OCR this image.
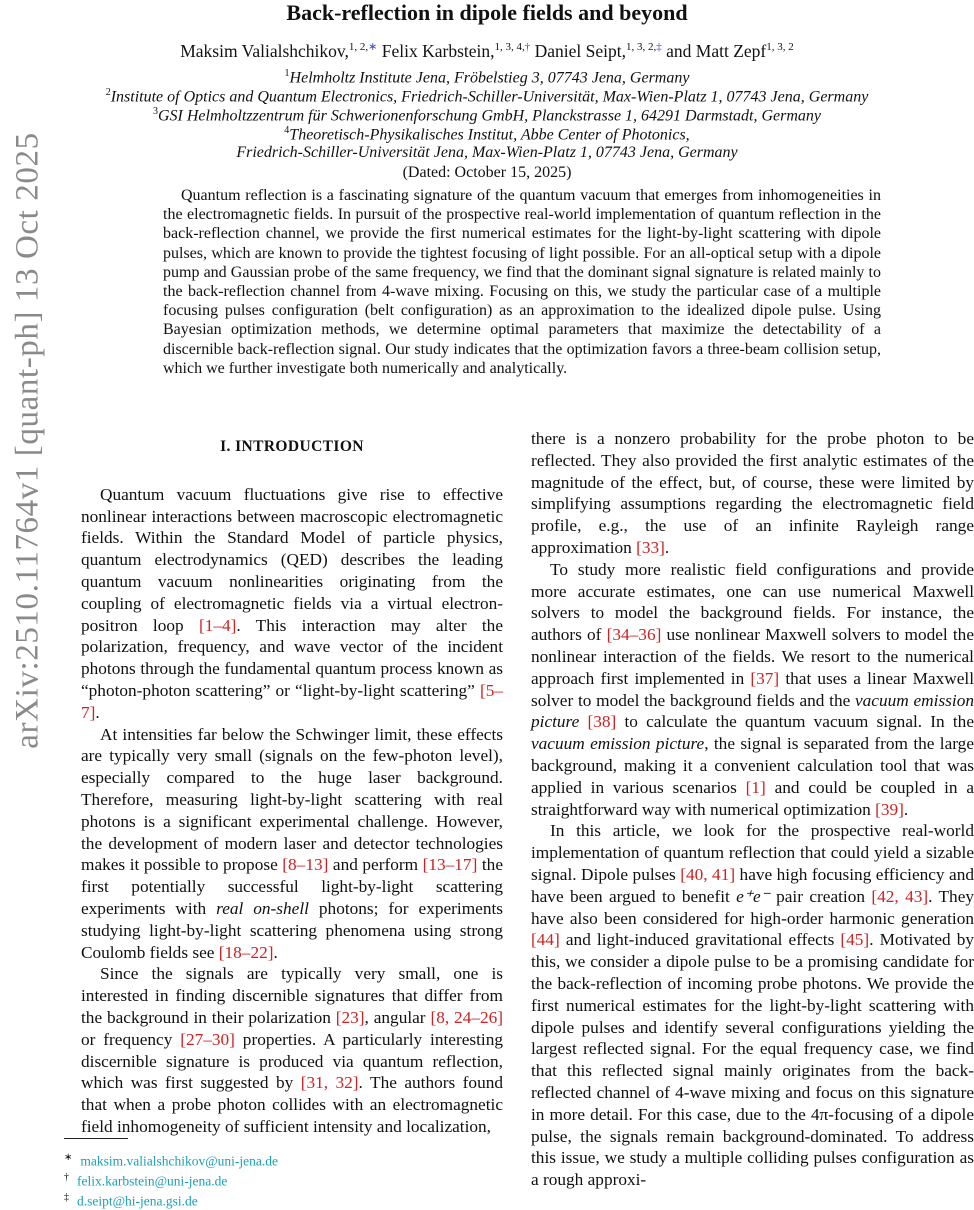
arXiv:2510.11764v1 [quant-ph] 13 Oct 2025
Back-reflection in dipole fields and beyond
Maksim Valialshchikov,$^{1, 2,∗}$ Felix Karbstein,$^{1, 3, 4,\dagger}$ Daniel Seipt,$^{1, 3, 2,\ddagger}$ and Matt Zepf$^{1, 3, 2}$
$^1$Helmholtz Institute Jena, Fröbelstieg 3, 07743 Jena, Germany
$^2$Institute of Optics and Quantum Electronics, Friedrich-Schiller-Universität, Max-Wien-Platz 1, 07743 Jena, Germany
$^3$GSI Helmholtzzentrum für Schwerionenforschung GmbH, Planckstrasse 1, 64291 Darmstadt, Germany
$^4$Theoretisch-Physikalisches Institut, Abbe Center of Photonics,
Friedrich-Schiller-Universität Jena, Max-Wien-Platz 1, 07743 Jena, Germany
(Dated: October 15, 2025)
Quantum reflection is a fascinating signature of the quantum vacuum that emerges from inhomogeneities in the electromagnetic fields. In pursuit of the prospective real-world implementation of quantum reflection in the back-reflection channel, we provide the first numerical estimates for the light-by-light scattering with dipole pulses, which are known to provide the tightest focusing of light possible. For an all-optical setup with a dipole pump and Gaussian probe of the same frequency, we find that the dominant signal signature is related mainly to the back-reflection channel from 4-wave mixing. Focusing on this, we study the particular case of a multiple focusing pulses configuration (belt configuration) as an approximation to the idealized dipole pulse. Using Bayesian optimization methods, we determine optimal parameters that maximize the detectability of a discernible back-reflection signal. Our study indicates that the optimization favors a three-beam collision setup, which we further investigate both numerically and analytically.
I. INTRODUCTION

Quantum vacuum fluctuations give rise to effective nonlinear interactions between macroscopic electromagnetic fields. Within the Standard Model of particle physics, quantum electrodynamics (QED) describes the leading quantum vacuum nonlinearities originating from the coupling of electromagnetic fields via a virtual electron-positron loop [1–4]. This interaction may alter the polarization, frequency, and wave vector of the incident photons through the fundamental quantum process known as “photon-photon scattering” or “light-by-light scattering” [5–7].

At intensities far below the Schwinger limit, these effects are typically very small (signals on the few-photon level), especially compared to the huge laser background. Therefore, measuring light-by-light scattering with real photons is a significant experimental challenge. However, the development of modern laser and detector technologies makes it possible to propose [8–13] and perform [13–17] the first potentially successful light-by-light scattering experiments with real on-shell photons; for experiments studying light-by-light scattering phenomena using strong Coulomb fields see [18–22].

Since the signals are typically very small, one is interested in finding discernible signatures that differ from the background in their polarization [23], angular [8, 24–26] or frequency [27–30] properties. A particularly interesting discernible signature is produced via quantum reflection, which was first suggested by [31, 32]. The authors found that when a probe photon collides with an electromagnetic field inhomogeneity of sufficient intensity and localization,

there is a nonzero probability for the probe photon to be reflected. They also provided the first analytic estimates of the magnitude of the effect, but, of course, these were limited by simplifying assumptions regarding the electromagnetic field profile, e.g., the use of an infinite Rayleigh range approximation [33].

To study more realistic field configurations and provide more accurate estimates, one can use numerical Maxwell solvers to model the background fields. For instance, the authors of [34–36] use nonlinear Maxwell solvers to model the nonlinear interaction of the fields. We resort to the numerical approach first implemented in [37] that uses a linear Maxwell solver to model the background fields and the vacuum emission picture [38] to calculate the quantum vacuum signal. In the vacuum emission picture, the signal is separated from the large background, making it a convenient calculation tool that was applied in various scenarios [1] and could be coupled in a straightforward way with numerical optimization [39].

In this article, we look for the prospective real-world implementation of quantum reflection that could yield a sizable signal. Dipole pulses [40, 41] have high focusing efficiency and have been argued to benefit e⁺e⁻ pair creation [42, 43]. They have also been considered for high-order harmonic generation [44] and light-induced gravitational effects [45]. Motivated by this, we consider a dipole pulse to be a promising candidate for the back-reflection of incoming probe photons. We provide the first numerical estimates for the light-by-light scattering with dipole pulses and identify several configurations yielding the largest reflected signal. For the equal frequency case, we find that this reflected signal mainly originates from the back-reflected channel of 4-wave mixing and focus on this signature in more detail. For this case, due to the 4π-focusing of a dipole pulse, the signals remain background-dominated. To address this issue, we study a multiple colliding pulses configuration as a rough approxi-

∗ maksim.valialshchikov@uni-jena.de
† felix.karbstein@uni-jena.de
‡ d.seipt@hi-jena.gsi.de
